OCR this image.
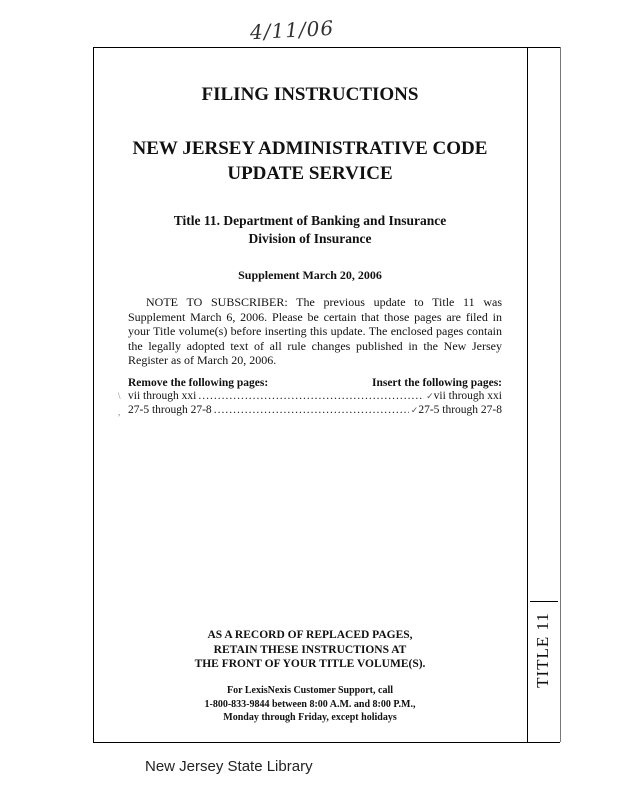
4/11/06
TITLE 11
FILING INSTRUCTIONS
NEW JERSEY ADMINISTRATIVE CODE
UPDATE SERVICE
Title 11. Department of Banking and Insurance
Division of Insurance
Supplement March 20, 2006
NOTE TO SUBSCRIBER: The previous update to Title 11 was Supplement March 6, 2006. Please be certain that those pages are filed in your Title volume(s) before inserting this update. The enclosed pages contain the legally adopted text of all rule changes published in the New Jersey Register as of March 20, 2006.
Remove the following pages:	Insert the following pages:
vii through xxi .....	✓ vii through xxi
27-5 through 27-8 .....	✓ 27-5 through 27-8
\
,
AS A RECORD OF REPLACED PAGES,
RETAIN THESE INSTRUCTIONS AT
THE FRONT OF YOUR TITLE VOLUME(S).
For LexisNexis Customer Support, call
1-800-833-9844 between 8:00 A.M. and 8:00 P.M.,
Monday through Friday, except holidays
New Jersey State Library
